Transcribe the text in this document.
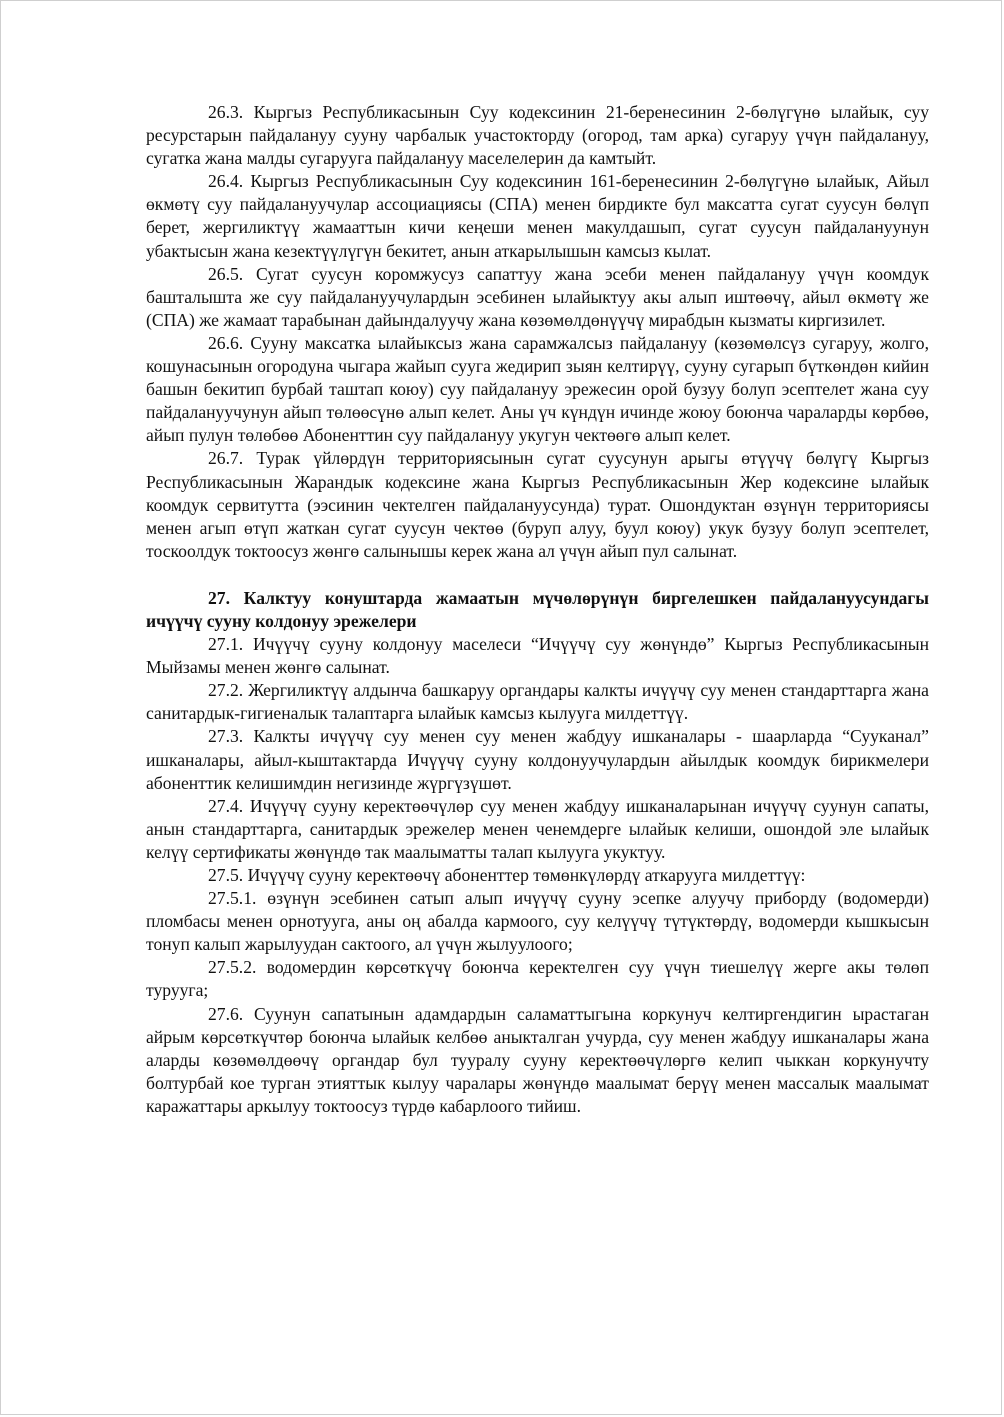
26.3. Кыргыз Республикасынын Суу кодексинин 21-беренесинин 2-бөлүгүнө ылайык, суу ресурстарын пайдалануу сууну чарбалык участокторду (огород, там арка) сугаруу үчүн пайдалануу, сугатка жана малды сугарууга пайдалануу маселелерин да камтыйт.

26.4. Кыргыз Республикасынын Суу кодексинин 161-беренесинин 2-бөлүгүнө ылайык, Айыл өкмөтү суу пайдалануучулар ассоциациясы (СПА) менен бирдикте бул максатта сугат суусун бөлүп берет, жергиликтүү жамааттын кичи кеңеши менен макулдашып, сугат суусун пайдалануунун убактысын жана кезектүүлүгүн бекитет, анын аткарылышын камсыз кылат.

26.5. Сугат суусун коромжусуз сапаттуу жана эсеби менен пайдалануу үчүн коомдук башталышта же суу пайдалануучулардын эсебинен ылайыктуу акы алып иштөөчү, айыл өкмөтү же (СПА) же жамаат тарабынан дайындалуучу жана көзөмөлдөнүүчү мирабдын кызматы киргизилет.

26.6. Сууну максатка ылайыксыз жана сарамжалсыз пайдалануу (көзөмөлсүз сугаруу, жолго, кошунасынын огородуна чыгара жайып сууга жедирип зыян келтирүү, сууну сугарып бүткөндөн кийин башын бекитип бурбай таштап коюу) суу пайдалануу эрежесин орой бузуу болуп эсептелет жана суу пайдалануучунун айып төлөөсүнө алып келет. Аны үч күндүн ичинде жоюу боюнча чараларды көрбөө, айып пулун төлөбөө Абоненттин суу пайдалануу укугун чектөөгө алып келет.

26.7. Турак үйлөрдүн территориясынын сугат суусунун арыгы өтүүчү бөлүгү Кыргыз Республикасынын Жарандык кодексине жана Кыргыз Республикасынын Жер кодексине ылайык коомдук сервитутта (ээсинин чектелген пайдалануусунда) турат. Ошондуктан өзүнүн территориясы менен агып өтүп жаткан сугат суусун чектөө (буруп алуу, буул коюу) укук бузуу болуп эсептелет, тоскоолдук токтоосуз жөнгө салынышы керек жана ал үчүн айып пул салынат.

27. Калктуу конуштарда жамаатын мүчөлөрүнүн биргелешкен пайдалануусундагы ичүүчү сууну колдонуу эрежелери

27.1. Ичүүчү сууну колдонуу маселеси “Ичүүчү суу жөнүндө” Кыргыз Республикасынын Мыйзамы менен жөнгө салынат.

27.2. Жергиликтүү алдынча башкаруу органдары калкты ичүүчү суу менен стандарттарга жана санитардык-гигиеналык талаптарга ылайык камсыз кылууга милдеттүү.

27.3. Калкты ичүүчү суу менен суу менен жабдуу ишканалары - шаарларда “Сууканал” ишканалары, айыл-кыштактарда Ичүүчү сууну колдонуучулардын айылдык коомдук бирикмелери абоненттик келишимдин негизинде жүргүзүшөт.

27.4. Ичүүчү сууну керектөөчүлөр суу менен жабдуу ишканаларынан ичүүчү суунун сапаты, анын стандарттарга, санитардык эрежелер менен ченемдерге ылайык келиши, ошондой эле ылайык келүү сертификаты жөнүндө так маалыматты талап кылууга укуктуу.

27.5. Ичүүчү сууну керектөөчү абоненттер төмөнкүлөрдү аткарууга милдеттүү:

27.5.1. өзүнүн эсебинен сатып алып ичүүчү сууну эсепке алуучу приборду (водомерди) пломбасы менен орнотууга, аны оң абалда кармоого, суу келүүчү түтүктөрдү, водомерди кышкысын тонуп калып жарылуудан сактоого, ал үчүн жылуулоого;

27.5.2. водомердин көрсөткүчү боюнча керектелген суу үчүн тиешелүү жерге акы төлөп турууга;

27.6. Суунун сапатынын адамдардын саламаттыгына коркунуч келтиргендигин ырастаган айрым көрсөткүчтөр боюнча ылайык келбөө аныкталган учурда, суу менен жабдуу ишканалары жана аларды көзөмөлдөөчү органдар бул тууралу сууну керектөөчүлөргө келип чыккан коркунучту болтурбай кое турган этияттык кылуу чаралары жөнүндө маалымат берүү менен массалык маалымат каражаттары аркылуу токтоосуз түрдө кабарлоого тийиш.
